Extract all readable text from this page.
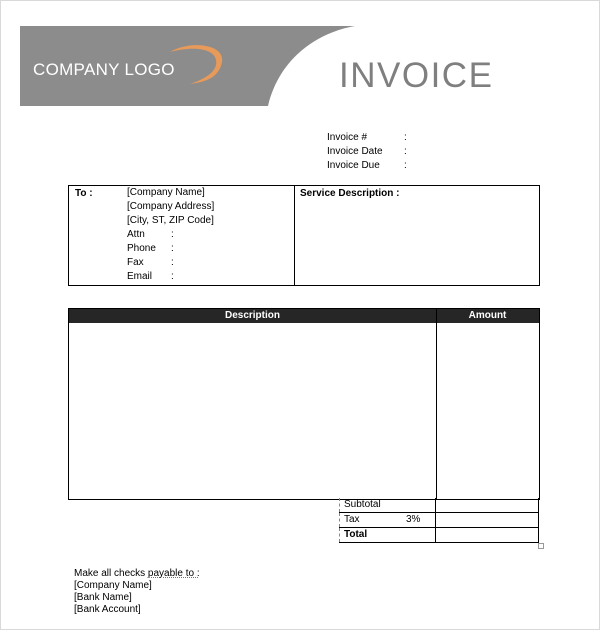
COMPANY LOGO	INVOICE
Invoice #	:
Invoice Date	:
Invoice Due	:
To :	[Company Name]
[Company Address]
[City, ST, ZIP Code]
Attn	:
Phone :
Fax	:
Email :
Service Description :
Description	Amount
Subtotal
Tax	3%
Total
Make all checks payable to :
[Company Name]
[Bank Name]
[Bank Account]
